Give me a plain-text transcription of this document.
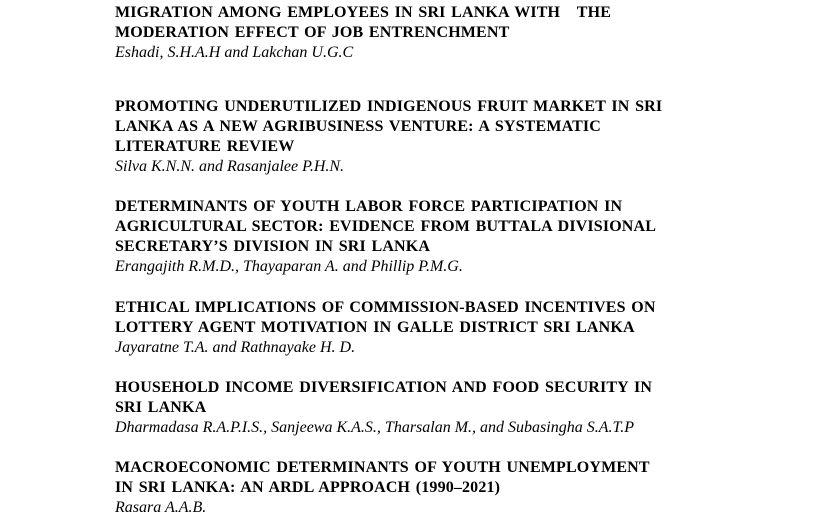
MIGRATION AMONG EMPLOYEES IN SRI LANKA WITH   THE
MODERATION EFFECT OF JOB ENTRENCHMENT

Eshadi, S.H.A.H and Lakchan U.G.C

PROMOTING UNDERUTILIZED INDIGENOUS FRUIT MARKET IN SRI
LANKA AS A NEW AGRIBUSINESS VENTURE: A SYSTEMATIC
LITERATURE REVIEW

Silva K.N.N. and Rasanjalee P.H.N.

DETERMINANTS OF YOUTH LABOR FORCE PARTICIPATION IN
AGRICULTURAL SECTOR: EVIDENCE FROM BUTTALA DIVISIONAL
SECRETARY’S DIVISION IN SRI LANKA

Erangajith R.M.D., Thayaparan A. and Phillip P.M.G.

ETHICAL IMPLICATIONS OF COMMISSION-BASED INCENTIVES ON
LOTTERY AGENT MOTIVATION IN GALLE DISTRICT SRI LANKA

Jayaratne T.A. and Rathnayake H. D.

HOUSEHOLD INCOME DIVERSIFICATION AND FOOD SECURITY IN
SRI LANKA

Dharmadasa R.A.P.I.S., Sanjeewa K.A.S., Tharsalan M., and Subasingha S.A.T.P

MACROECONOMIC DETERMINANTS OF YOUTH UNEMPLOYMENT
IN SRI LANKA: AN ARDL APPROACH (1990–2021)

Rasara A.A.B.
